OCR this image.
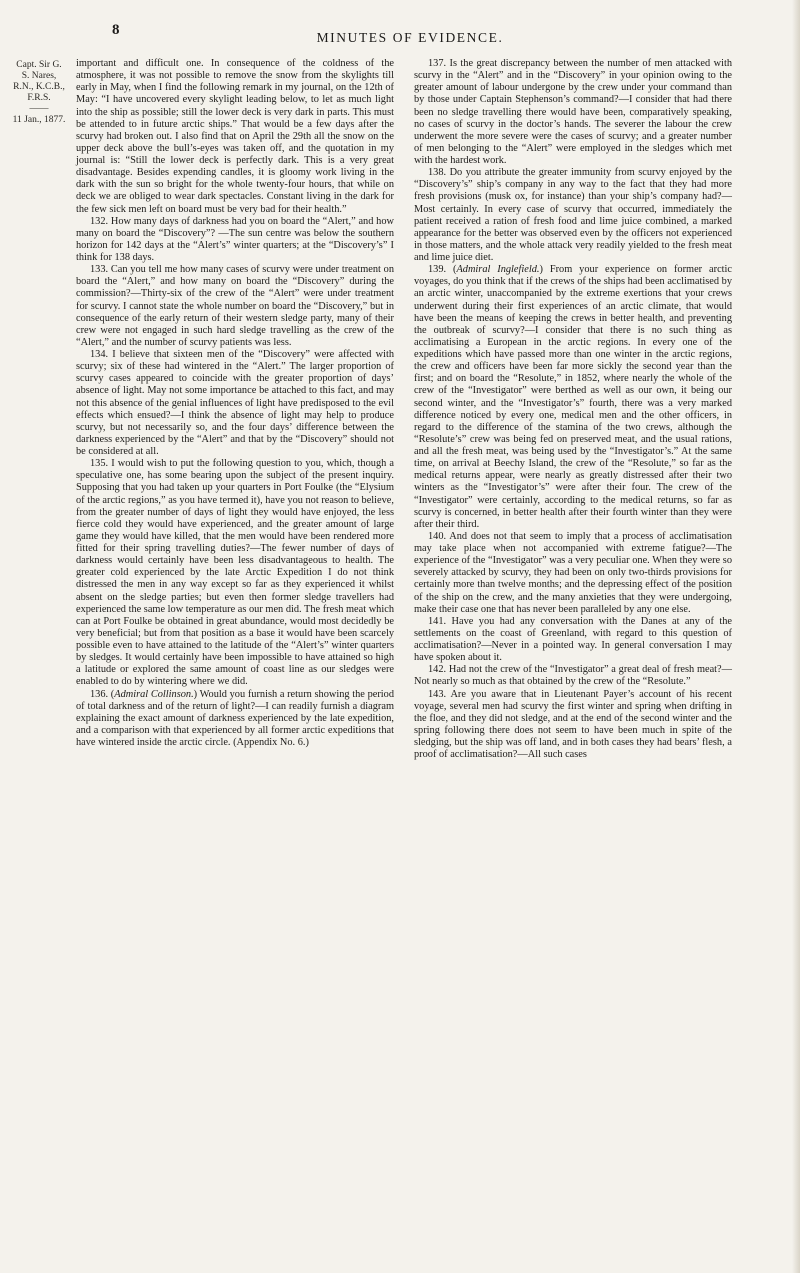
8	MINUTES OF EVIDENCE.
Capt. Sir G.
S. Nares,
R.N., K.C.B.,
F.R.S.
——
11 Jan., 1877.

important and difficult one. In consequence of the coldness of the atmosphere, it was not possible to remove the snow from the skylights till early in May, when I find the following remark in my journal, on the 12th of May: “I have uncovered every skylight leading below, to let as much light into the ship as possible; still the lower deck is very dark in parts. This must be attended to in future arctic ships.” That would be a few days after the scurvy had broken out. I also find that on April the 29th all the snow on the upper deck above the bull’s-eyes was taken off, and the quotation in my journal is: “Still the lower deck is perfectly dark. This is a very great disadvantage. Besides expending candles, it is gloomy work living in the dark with the sun so bright for the whole twenty-four hours, that while on deck we are obliged to wear dark spectacles. Constant living in the dark for the few sick men left on board must be very bad for their health.”

132. How many days of darkness had you on board the “Alert,” and how many on board the “Discovery”? —The sun centre was below the southern horizon for 142 days at the “Alert’s” winter quarters; at the “Discovery’s” I think for 138 days.

133. Can you tell me how many cases of scurvy were under treatment on board the “Alert,” and how many on board the “Discovery” during the commission?—Thirty-six of the crew of the “Alert” were under treatment for scurvy. I cannot state the whole number on board the “Discovery,” but in consequence of the early return of their western sledge party, many of their crew were not engaged in such hard sledge travelling as the crew of the “Alert,” and the number of scurvy patients was less.

134. I believe that sixteen men of the “Discovery” were affected with scurvy; six of these had wintered in the “Alert.” The larger proportion of scurvy cases appeared to coincide with the greater proportion of days’ absence of light. May not some importance be attached to this fact, and may not this absence of the genial influences of light have predisposed to the evil effects which ensued?—I think the absence of light may help to produce scurvy, but not necessarily so, and the four days’ difference between the darkness experienced by the “Alert” and that by the “Discovery” should not be considered at all.

135. I would wish to put the following question to you, which, though a speculative one, has some bearing upon the subject of the present inquiry. Supposing that you had taken up your quarters in Port Foulke (the “Elysium of the arctic regions,” as you have termed it), have you not reason to believe, from the greater number of days of light they would have enjoyed, the less fierce cold they would have experienced, and the greater amount of large game they would have killed, that the men would have been rendered more fitted for their spring travelling duties?—The fewer number of days of darkness would certainly have been less disadvantageous to health. The greater cold experienced by the late Arctic Expedition I do not think distressed the men in any way except so far as they experienced it whilst absent on the sledge parties; but even then former sledge travellers had experienced the same low temperature as our men did. The fresh meat which can at Port Foulke be obtained in great abundance, would most decidedly be very beneficial; but from that position as a base it would have been scarcely possible even to have attained to the latitude of the “Alert’s” winter quarters by sledges. It would certainly have been impossible to have attained so high a latitude or explored the same amount of coast line as our sledges were enabled to do by wintering where we did.

136. (Admiral Collinson.) Would you furnish a return showing the period of total darkness and of the return of light?—I can readily furnish a diagram explaining the exact amount of darkness experienced by the late expedition, and a comparison with that experienced by all former arctic expeditions that have wintered inside the arctic circle. (Appendix No. 6.)

137. Is the great discrepancy between the number of men attacked with scurvy in the “Alert” and in the “Discovery” in your opinion owing to the greater amount of labour undergone by the crew under your command than by those under Captain Stephenson’s command?—I consider that had there been no sledge travelling there would have been, comparatively speaking, no cases of scurvy in the doctor’s hands. The severer the labour the crew underwent the more severe were the cases of scurvy; and a greater number of men belonging to the “Alert” were employed in the sledges which met with the hardest work.

138. Do you attribute the greater immunity from scurvy enjoyed by the “Discovery’s” ship’s company in any way to the fact that they had more fresh provisions (musk ox, for instance) than your ship’s company had?—Most certainly. In every case of scurvy that occurred, immediately the patient received a ration of fresh food and lime juice combined, a marked appearance for the better was observed even by the officers not experienced in those matters, and the whole attack very readily yielded to the fresh meat and lime juice diet.

139. (Admiral Inglefield.) From your experience on former arctic voyages, do you think that if the crews of the ships had been acclimatised by an arctic winter, unaccompanied by the extreme exertions that your crews underwent during their first experiences of an arctic climate, that would have been the means of keeping the crews in better health, and preventing the outbreak of scurvy?—I consider that there is no such thing as acclimatising a European in the arctic regions. In every one of the expeditions which have passed more than one winter in the arctic regions, the crew and officers have been far more sickly the second year than the first; and on board the “Resolute,” in 1852, where nearly the whole of the crew of the “Investigator” were berthed as well as our own, it being our second winter, and the “Investigator’s” fourth, there was a very marked difference noticed by every one, medical men and the other officers, in regard to the difference of the stamina of the two crews, although the “Resolute’s” crew was being fed on preserved meat, and the usual rations, and all the fresh meat, was being used by the “Investigator’s.” At the same time, on arrival at Beechy Island, the crew of the “Resolute,” so far as the medical returns appear, were nearly as greatly distressed after their two winters as the “Investigator’s” were after their four. The crew of the “Investigator” were certainly, according to the medical returns, so far as scurvy is concerned, in better health after their fourth winter than they were after their third.

140. And does not that seem to imply that a process of acclimatisation may take place when not accompanied with extreme fatigue?—The experience of the “Investigator” was a very peculiar one. When they were so severely attacked by scurvy, they had been on only two-thirds provisions for certainly more than twelve months; and the depressing effect of the position of the ship on the crew, and the many anxieties that they were undergoing, make their case one that has never been paralleled by any one else.

141. Have you had any conversation with the Danes at any of the settlements on the coast of Greenland, with regard to this question of acclimatisation?—Never in a pointed way. In general conversation I may have spoken about it.

142. Had not the crew of the “Investigator” a great deal of fresh meat?—Not nearly so much as that obtained by the crew of the “Resolute.”

143. Are you aware that in Lieutenant Payer’s account of his recent voyage, several men had scurvy the first winter and spring when drifting in the floe, and they did not sledge, and at the end of the second winter and the spring following there does not seem to have been much in spite of the sledging, but the ship was off land, and in both cases they had bears’ flesh, a proof of acclimatisation?—All such cases
